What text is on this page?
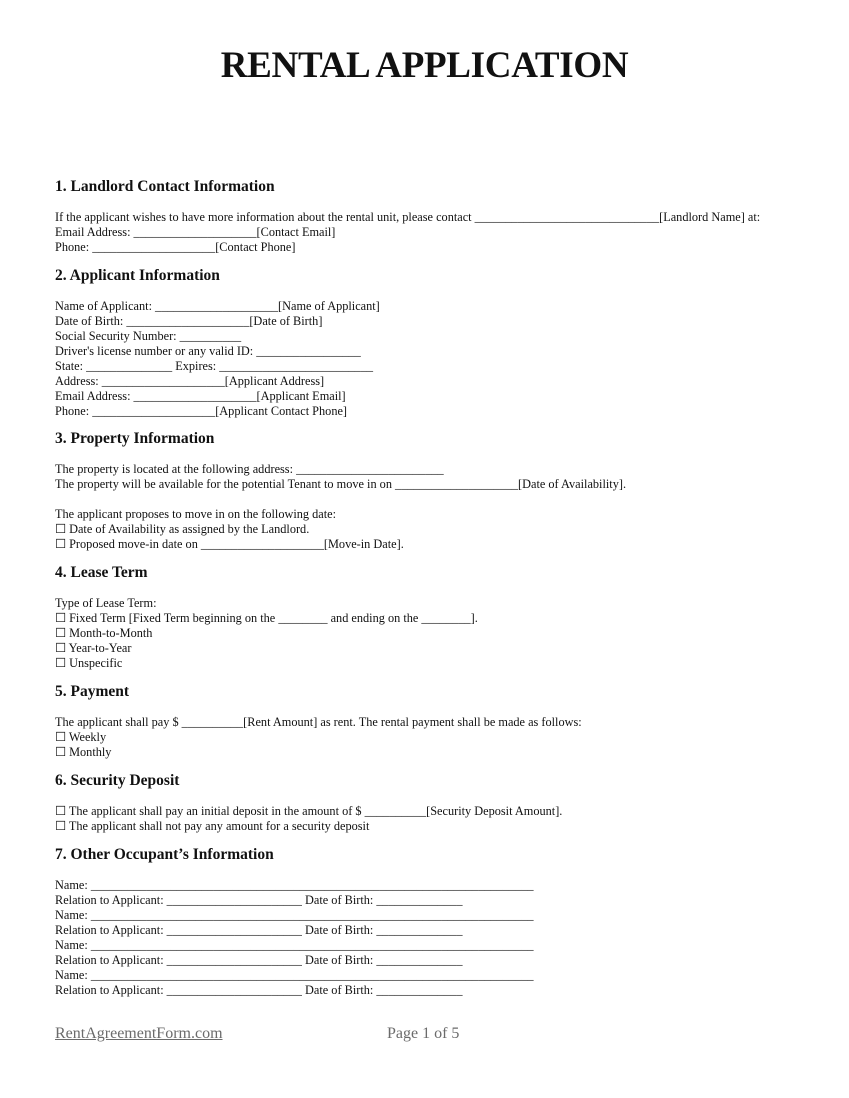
RENTAL APPLICATION
1. Landlord Contact Information
If the applicant wishes to have more information about the rental unit, please contact ______________________________[Landlord Name] at:
Email Address: ____________________[Contact Email]
Phone: ____________________[Contact Phone]
2. Applicant Information
Name of Applicant: ____________________[Name of Applicant]
Date of Birth: ____________________[Date of Birth]
Social Security Number: __________
Driver's license number or any valid ID: _________________
State: ______________ Expires: _________________________
Address: ____________________[Applicant Address]
Email Address: ____________________[Applicant Email]
Phone: ____________________[Applicant Contact Phone]
3. Property Information
The property is located at the following address: ________________________
The property will be available for the potential Tenant to move in on ____________________[Date of Availability].
The applicant proposes to move in on the following date:
☐ Date of Availability as assigned by the Landlord.
☐ Proposed move-in date on ____________________[Move-in Date].
4. Lease Term
Type of Lease Term:
☐ Fixed Term [Fixed Term beginning on the ________ and ending on the ________].
☐ Month-to-Month
☐ Year-to-Year
☐ Unspecific
5. Payment
The applicant shall pay $ __________[Rent Amount] as rent. The rental payment shall be made as follows:
☐ Weekly
☐ Monthly
6. Security Deposit
☐ The applicant shall pay an initial deposit in the amount of $ __________[Security Deposit Amount].
☐ The applicant shall not pay any amount for a security deposit
7. Other Occupant’s Information
Name: ________________________________________________________________________
Relation to Applicant: ______________________ Date of Birth: ______________
Name: ________________________________________________________________________
Relation to Applicant: ______________________ Date of Birth: ______________
Name: ________________________________________________________________________
Relation to Applicant: ______________________ Date of Birth: ______________
Name: ________________________________________________________________________
Relation to Applicant: ______________________ Date of Birth: ______________
RentAgreementForm.com	Page 1 of 5
